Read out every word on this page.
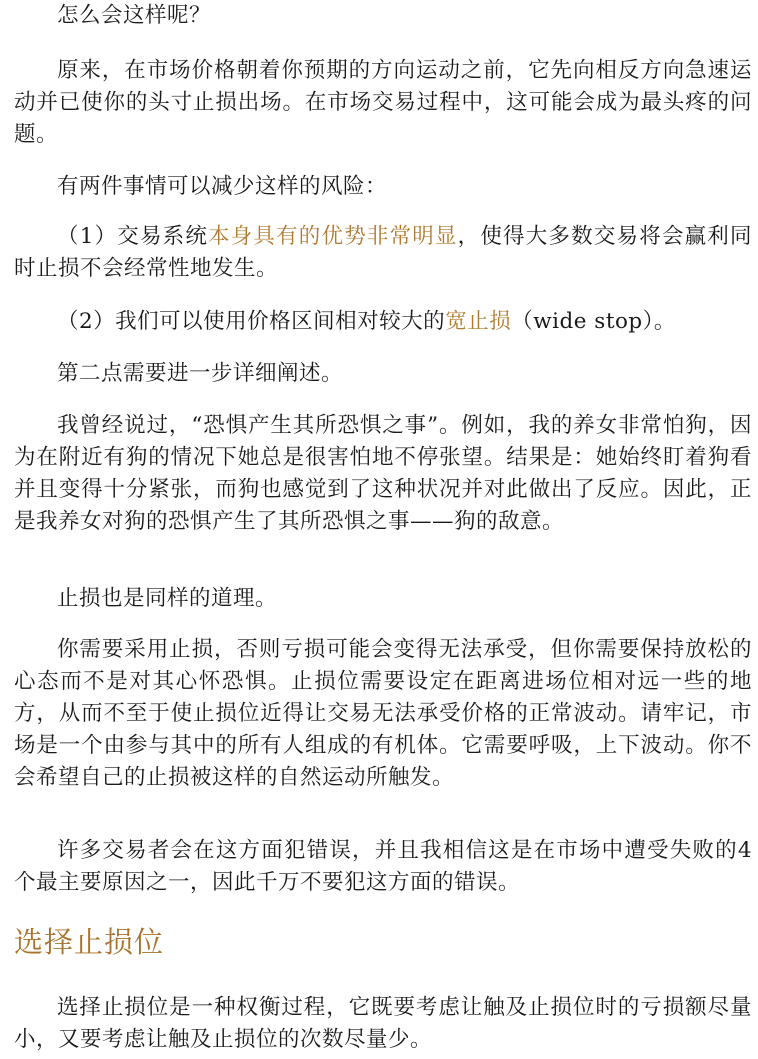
怎么会这样呢？

原来，在市场价格朝着你预期的方向运动之前，它先向相反方向急速运动并已使你的头寸止损出场。在市场交易过程中，这可能会成为最头疼的问题。

有两件事情可以减少这样的风险：

（1）交易系统本身具有的优势非常明显，使得大多数交易将会赢利同时止损不会经常性地发生。

（2）我们可以使用价格区间相对较大的宽止损（wide stop）。

第二点需要进一步详细阐述。

我曾经说过，“恐惧产生其所恐惧之事”。例如，我的养女非常怕狗，因为在附近有狗的情况下她总是很害怕地不停张望。结果是：她始终盯着狗看并且变得十分紧张，而狗也感觉到了这种状况并对此做出了反应。因此，正是我养女对狗的恐惧产生了其所恐惧之事——狗的敌意。

止损也是同样的道理。

你需要采用止损，否则亏损可能会变得无法承受，但你需要保持放松的心态而不是对其心怀恐惧。止损位需要设定在距离进场位相对远一些的地方，从而不至于使止损位近得让交易无法承受价格的正常波动。请牢记，市场是一个由参与其中的所有人组成的有机体。它需要呼吸，上下波动。你不会希望自己的止损被这样的自然运动所触发。

许多交易者会在这方面犯错误，并且我相信这是在市场中遭受失败的4个最主要原因之一，因此千万不要犯这方面的错误。

选择止损位

选择止损位是一种权衡过程，它既要考虑让触及止损位时的亏损额尽量小，又要考虑让触及止损位的次数尽量少。
